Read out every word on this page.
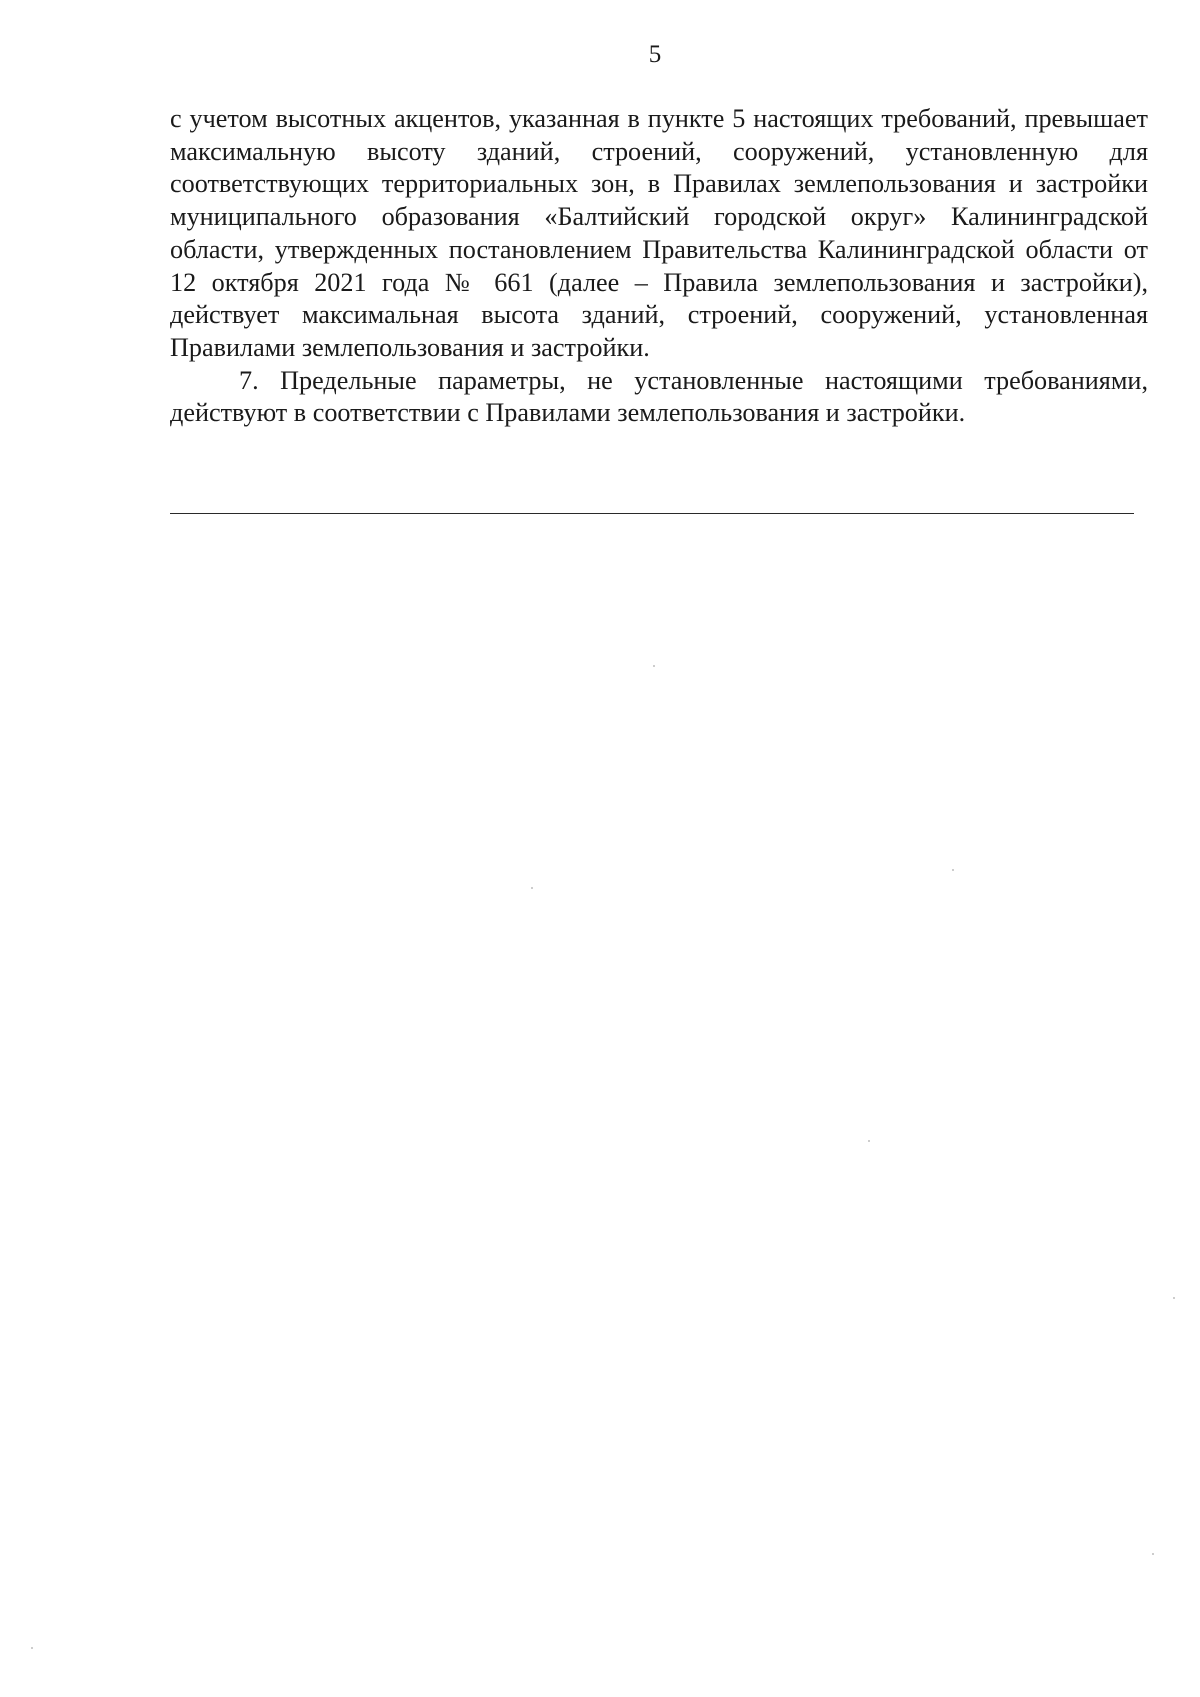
5

с учетом высотных акцентов, указанная в пункте 5 настоящих требований, превышает максимальную высоту зданий, строений, сооружений, установленную для соответствующих территориальных зон, в Правилах землепользования и застройки муниципального образования «Балтийский городской округ» Калининградской области, утвержденных постановлением Правительства Калининградской области от 12 октября 2021 года № 661 (далее – Правила землепользования и застройки), действует максимальная высота зданий, строений, сооружений, установленная Правилами землепользования и застройки.

7. Предельные параметры, не установленные настоящими требованиями, действуют в соответствии с Правилами землепользования и застройки.
